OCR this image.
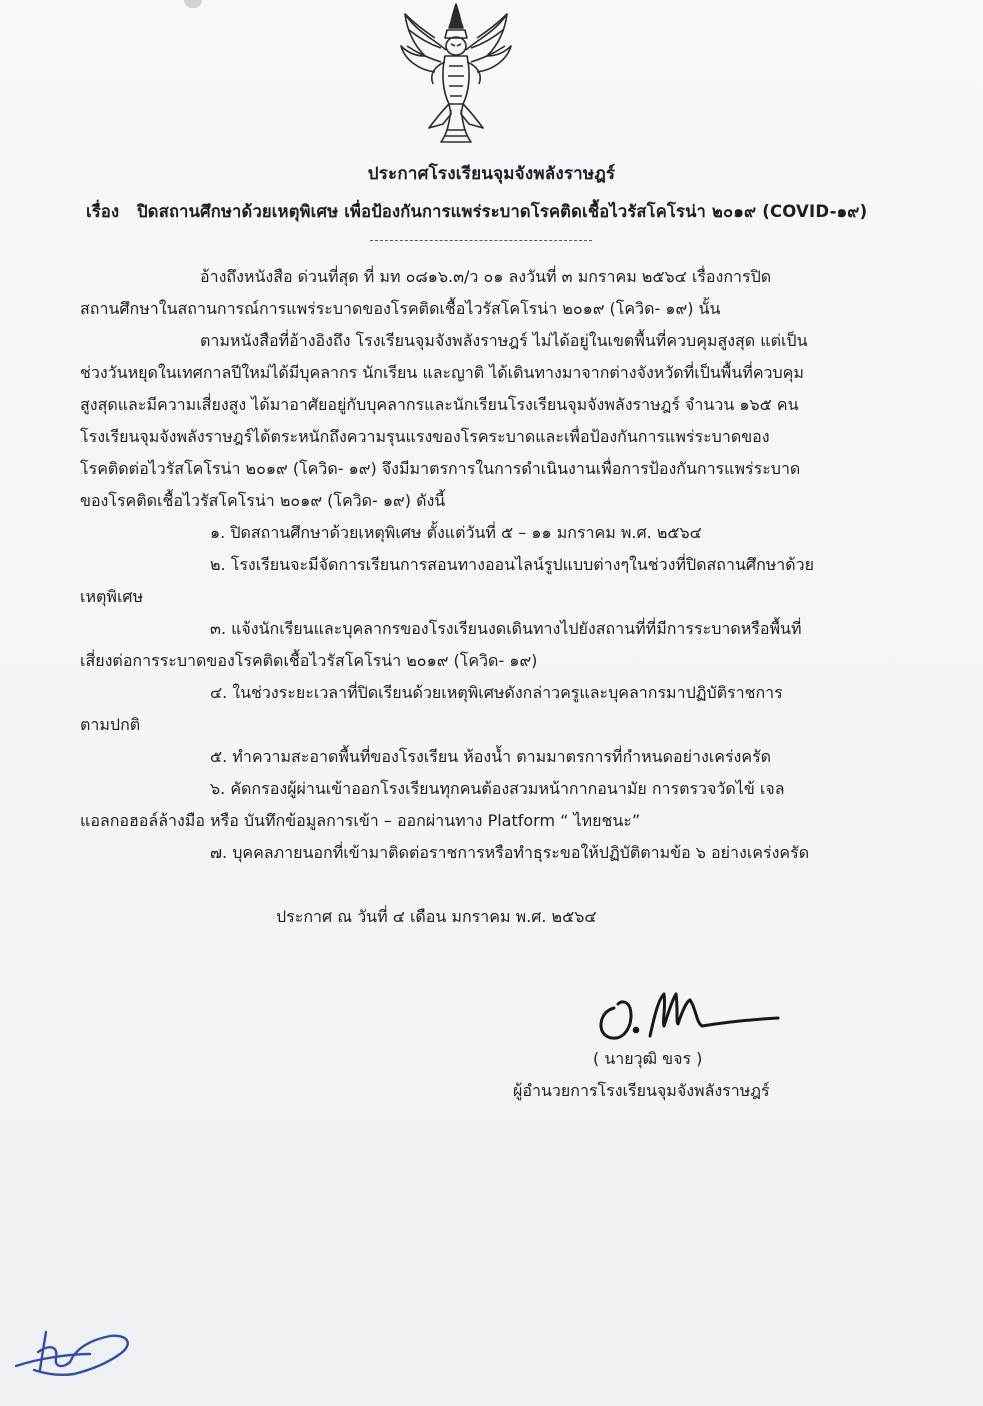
ประกาศโรงเรียนจุมจังพลังราษฎร์
เรื่อง ปิดสถานศึกษาด้วยเหตุพิเศษ เพื่อป้องกันการแพร่ระบาดโรคติดเชื้อไวรัสโคโรน่า ๒๐๑๙ (COVID-๑๙)
อ้างถึงหนังสือ ด่วนที่สุด ที่ มท ๐๘๑๖.๓/ว ๐๑ ลงวันที่ ๓ มกราคม ๒๕๖๔ เรื่องการปิด
สถานศึกษาในสถานการณ์การแพร่ระบาดของโรคติดเชื้อไวรัสโคโรน่า ๒๐๑๙ (โควิด- ๑๙) นั้น
ตามหนังสือที่อ้างอิงถึง โรงเรียนจุมจังพลังราษฎร์ ไม่ได้อยู่ในเขตพื้นที่ควบคุมสูงสุด แต่เป็น
ช่วงวันหยุดในเทศกาลปีใหม่ได้มีบุคลากร นักเรียน และญาติ ได้เดินทางมาจากต่างจังหวัดที่เป็นพื้นที่ควบคุม
สูงสุดและมีความเสี่ยงสูง ได้มาอาศัยอยู่กับบุคลากรและนักเรียนโรงเรียนจุมจังพลังราษฎร์ จำนวน ๑๖๕ คน
โรงเรียนจุมจังพลังราษฎร์ได้ตระหนักถึงความรุนแรงของโรคระบาดและเพื่อป้องกันการแพร่ระบาดของ
โรคติดต่อไวรัสโคโรน่า ๒๐๑๙ (โควิด- ๑๙) จึงมีมาตรการในการดำเนินงานเพื่อการป้องกันการแพร่ระบาด
ของโรคติดเชื้อไวรัสโคโรน่า ๒๐๑๙ (โควิด- ๑๙) ดังนี้
๑. ปิดสถานศึกษาด้วยเหตุพิเศษ ตั้งแต่วันที่ ๕ – ๑๑ มกราคม พ.ศ. ๒๕๖๔
๒. โรงเรียนจะมีจัดการเรียนการสอนทางออนไลน์รูปแบบต่างๆในช่วงที่ปิดสถานศึกษาด้วย
เหตุพิเศษ
๓. แจ้งนักเรียนและบุคลากรของโรงเรียนงดเดินทางไปยังสถานที่ที่มีการระบาดหรือพื้นที่
เสี่ยงต่อการระบาดของโรคติดเชื้อไวรัสโคโรน่า ๒๐๑๙ (โควิด- ๑๙)
๔. ในช่วงระยะเวลาที่ปิดเรียนด้วยเหตุพิเศษดังกล่าวครูและบุคลากรมาปฏิบัติราชการ
ตามปกติ
๕. ทำความสะอาดพื้นที่ของโรงเรียน ห้องน้ำ ตามมาตรการที่กำหนดอย่างเคร่งครัด
๖. คัดกรองผู้ผ่านเข้าออกโรงเรียนทุกคนต้องสวมหน้ากากอนามัย การตรวจวัดไข้ เจล
แอลกอฮอล์ล้างมือ หรือ บันทึกข้อมูลการเข้า – ออกผ่านทาง Platform “ ไทยชนะ”
๗. บุคคลภายนอกที่เข้ามาติดต่อราชการหรือทำธุระขอให้ปฏิบัติตามข้อ ๖ อย่างเคร่งครัด
ประกาศ ณ วันที่ ๔ เดือน มกราคม พ.ศ. ๒๕๖๔
( นายวุฒิ ขจร )
ผู้อำนวยการโรงเรียนจุมจังพลังราษฎร์
